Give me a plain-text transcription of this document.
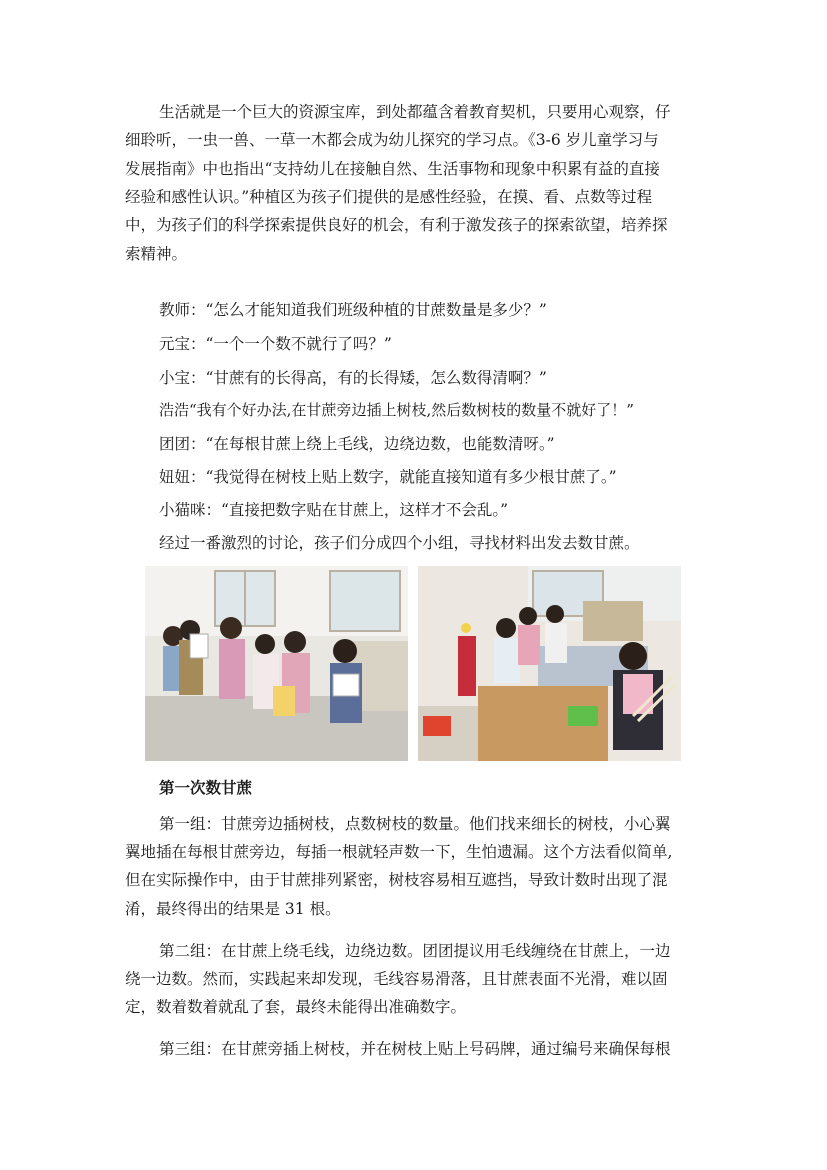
生活就是一个巨大的资源宝库，到处都蕴含着教育契机，只要用心观察，仔
细聆听，一虫一兽、一草一木都会成为幼儿探究的学习点。《3-6 岁儿童学习与
发展指南》中也指出“支持幼儿在接触自然、生活事物和现象中积累有益的直接
经验和感性认识。”种植区为孩子们提供的是感性经验，在摸、看、点数等过程
中，为孩子们的科学探索提供良好的机会，有利于激发孩子的探索欲望，培养探
索精神。
教师：“怎么才能知道我们班级种植的甘蔗数量是多少？”
元宝：“一个一个数不就行了吗？”
小宝：“甘蔗有的长得高，有的长得矮，怎么数得清啊？”
浩浩“我有个好办法,在甘蔗旁边插上树枝,然后数树枝的数量不就好了！”
团团：“在每根甘蔗上绕上毛线，边绕边数，也能数清呀。”
妞妞：“我觉得在树枝上贴上数字，就能直接知道有多少根甘蔗了。”
小猫咪：“直接把数字贴在甘蔗上，这样才不会乱。”
经过一番激烈的讨论，孩子们分成四个小组，寻找材料出发去数甘蔗。
第一次数甘蔗
第一组：甘蔗旁边插树枝，点数树枝的数量。他们找来细长的树枝，小心翼
翼地插在每根甘蔗旁边，每插一根就轻声数一下，生怕遗漏。这个方法看似简单,
但在实际操作中，由于甘蔗排列紧密，树枝容易相互遮挡，导致计数时出现了混
淆，最终得出的结果是 31 根。
第二组：在甘蔗上绕毛线，边绕边数。团团提议用毛线缠绕在甘蔗上，一边
绕一边数。然而，实践起来却发现，毛线容易滑落，且甘蔗表面不光滑，难以固
定，数着数着就乱了套，最终未能得出准确数字。
第三组：在甘蔗旁插上树枝，并在树枝上贴上号码牌，通过编号来确保每根
